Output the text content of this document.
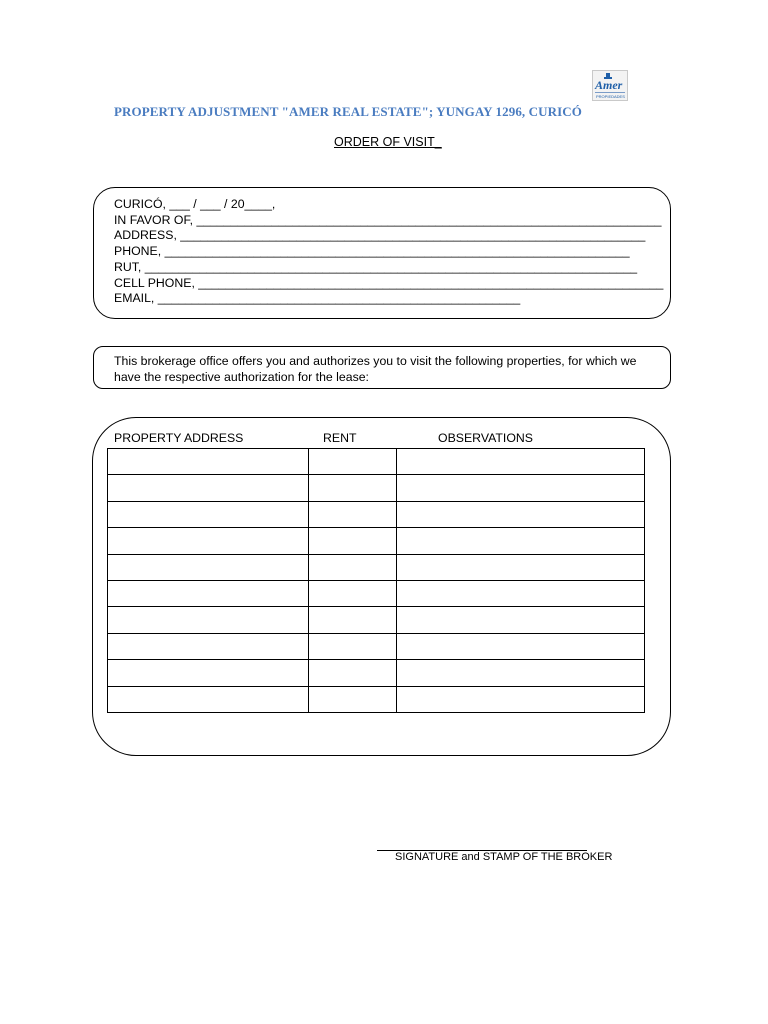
Amer
PROPIEDADES
PROPERTY ADJUSTMENT "AMER REAL ESTATE"; YUNGAY 1296, CURICÓ
ORDER OF VISIT_
CURICÓ, ___ / ___ / 20____,
IN FAVOR OF, ____________________________________________________________________
ADDRESS, ____________________________________________________________________
PHONE, ____________________________________________________________________
RUT, ________________________________________________________________________
CELL PHONE, ____________________________________________________________________
EMAIL, _____________________________________________________
This brokerage office offers you and authorizes you to visit the following properties, for which we have the respective authorization for the lease:
PROPERTY ADDRESS	RENT	OBSERVATIONS

SIGNATURE and STAMP OF THE BROKER
